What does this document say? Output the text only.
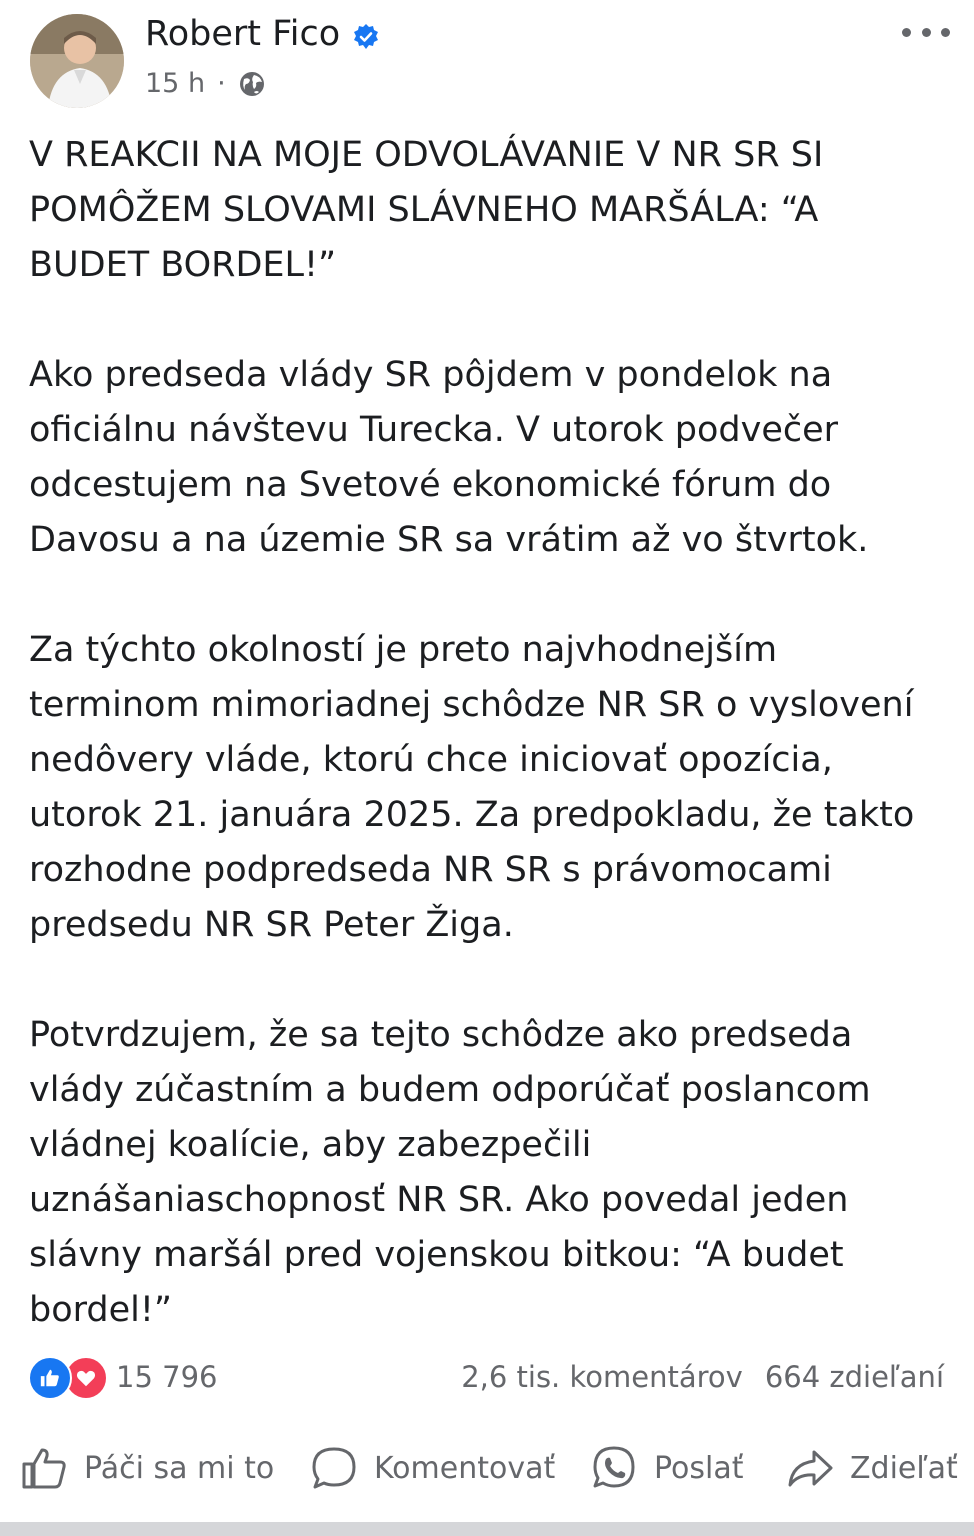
Robert Fico
15 h ·

V REAKCII NA MOJE ODVOLÁVANIE V NR SR SI
POMÔŽEM SLOVAMI SLÁVNEHO MARŠÁLA: “A
BUDET BORDEL!”

Ako predseda vlády SR pôjdem v pondelok na
oficiálnu návštevu Turecka. V utorok podvečer
odcestujem na Svetové ekonomické fórum do
Davosu a na územie SR sa vrátim až vo štvrtok.

Za týchto okolností je preto najvhodnejším
terminom mimoriadnej schôdze NR SR o vyslovení
nedôvery vláde, ktorú chce iniciovať opozícia,
utorok 21. januára 2025. Za predpokladu, že takto
rozhodne podpredseda NR SR s právomocami
predsedu NR SR Peter Žiga.

Potvrdzujem, že sa tejto schôdze ako predseda
vlády zúčastním a budem odporúčať poslancom
vládnej koalície, aby zabezpečili
uznášaniaschopnosť NR SR. Ako povedal jeden
slávny maršál pred vojenskou bitkou: “A budet
bordel!”

15 796	2,6 tis. komentárov 664 zdieľaní
Páči sa mi to	Komentovať	Poslať	Zdieľať
